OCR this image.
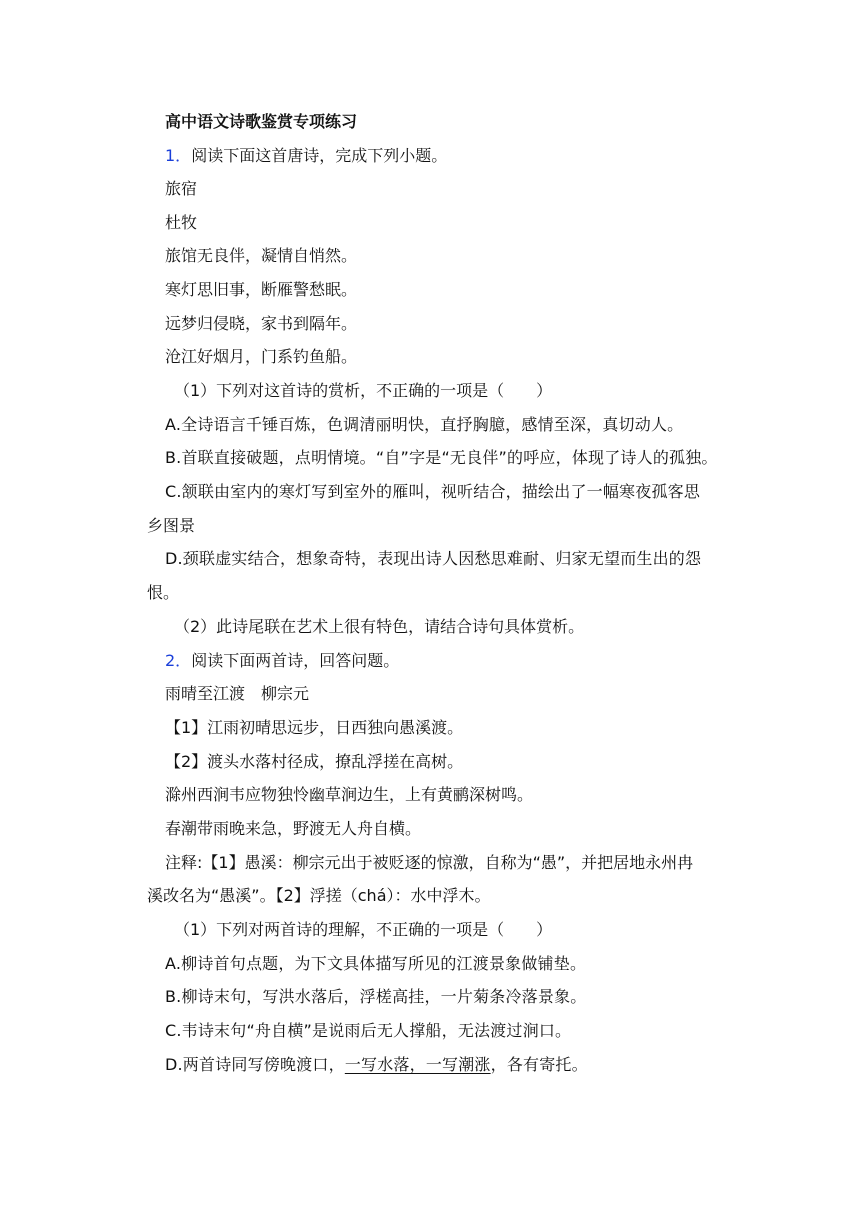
高中语文诗歌鉴赏专项练习
1．阅读下面这首唐诗，完成下列小题。
旅宿
杜牧
旅馆无良伴，凝情自悄然。
寒灯思旧事，断雁警愁眠。
远梦归侵晓，家书到隔年。
沧江好烟月，门系钓鱼船。
（1）下列对这首诗的赏析，不正确的一项是（　　）
A.全诗语言千锤百炼，色调清丽明快，直抒胸臆，感情至深，真切动人。
B.首联直接破题，点明情境。“自”字是“无良伴”的呼应，体现了诗人的孤独。
C.颔联由室内的寒灯写到室外的雁叫，视听结合，描绘出了一幅寒夜孤客思
乡图景
D.颈联虚实结合，想象奇特，表现出诗人因愁思难耐、归家无望而生出的怨
恨。
（2）此诗尾联在艺术上很有特色，请结合诗句具体赏析。
2．阅读下面两首诗，回答问题。
雨晴至江渡　柳宗元
【1】江雨初晴思远步，日西独向愚溪渡。
【2】渡头水落村径成，撩乱浮搓在高树。
滁州西涧韦应物独怜幽草涧边生，上有黄鹂深树鸣。
春潮带雨晚来急，野渡无人舟自横。
注释:【1】愚溪：柳宗元出于被贬逐的惊激，自称为“愚”，并把居地永州冉
溪改名为“愚溪”。【2】浮搓（chá）：水中浮木。
（1）下列对两首诗的理解，不正确的一项是（　　）
A.柳诗首句点题，为下文具体描写所见的江渡景象做铺垫。
B.柳诗末句，写洪水落后，浮槎高挂，一片菊条冷落景象。
C.韦诗末句“舟自横”是说雨后无人撑船，无法渡过涧口。
D.两首诗同写傍晚渡口，一写水落，一写潮涨，各有寄托。
